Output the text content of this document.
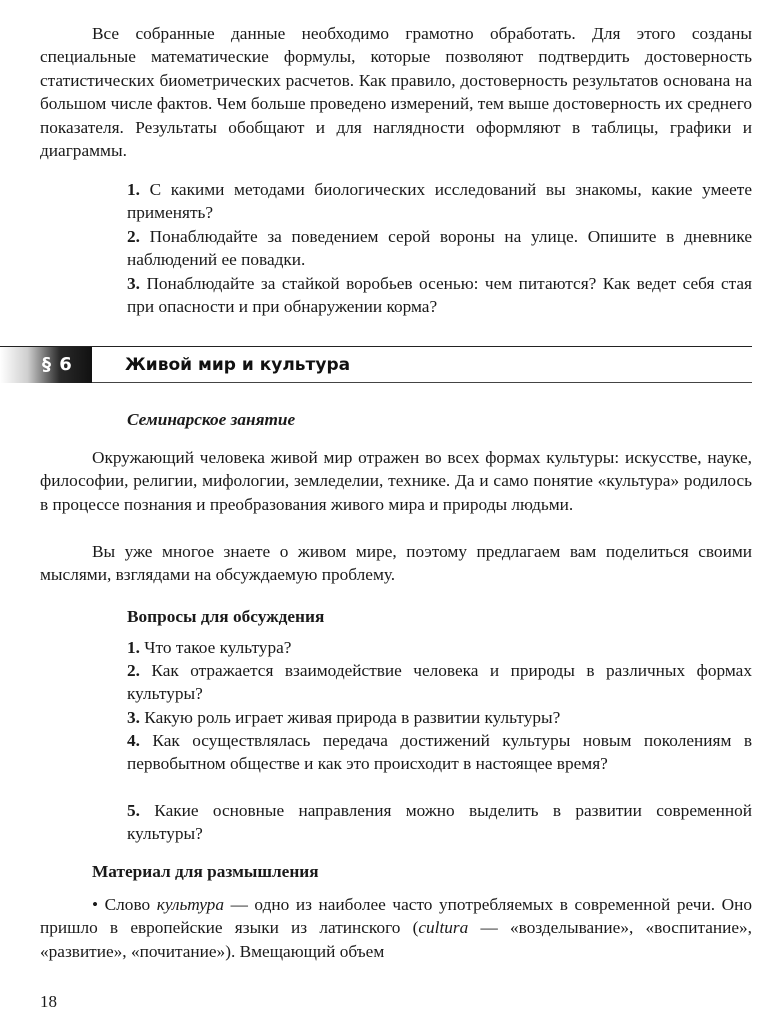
Все собранные данные необходимо грамотно обработать. Для этого созданы специальные математические формулы, которые позволяют подтвердить достоверность статистических биометрических расчетов. Как правило, достоверность результатов основана на большом числе фактов. Чем больше проведено измерений, тем выше достоверность их среднего показателя. Результаты обобщают и для наглядности оформляют в таблицы, графики и диаграммы.

1. С какими методами биологических исследований вы знакомы, какие умеете применять?

2. Понаблюдайте за поведением серой вороны на улице. Опишите в дневнике наблюдений ее повадки.

3. Понаблюдайте за стайкой воробьев осенью: чем питаются? Как ведет себя стая при опасности и при обнаружении корма?

§ 6	Живой мир и культура

Семинарское занятие

Окружающий человека живой мир отражен во всех формах культуры: искусстве, науке, философии, религии, мифологии, земледелии, технике. Да и само понятие «культура» родилось в процессе познания и преобразования живого мира и природы людьми.

Вы уже многое знаете о живом мире, поэтому предлагаем вам поделиться своими мыслями, взглядами на обсуждаемую проблему.

Вопросы для обсуждения

1. Что такое культура?

2. Как отражается взаимодействие человека и природы в различных формах культуры?

3. Какую роль играет живая природа в развитии культуры?

4. Как осуществлялась передача достижений культуры новым поколениям в первобытном обществе и как это происходит в настоящее время?

5. Какие основные направления можно выделить в развитии современной культуры?

Материал для размышления

• Слово культура — одно из наиболее часто употребляемых в современной речи. Оно пришло в европейские языки из латинского (cultura — «возделывание», «воспитание», «развитие», «почитание»). Вмещающий объем

18
